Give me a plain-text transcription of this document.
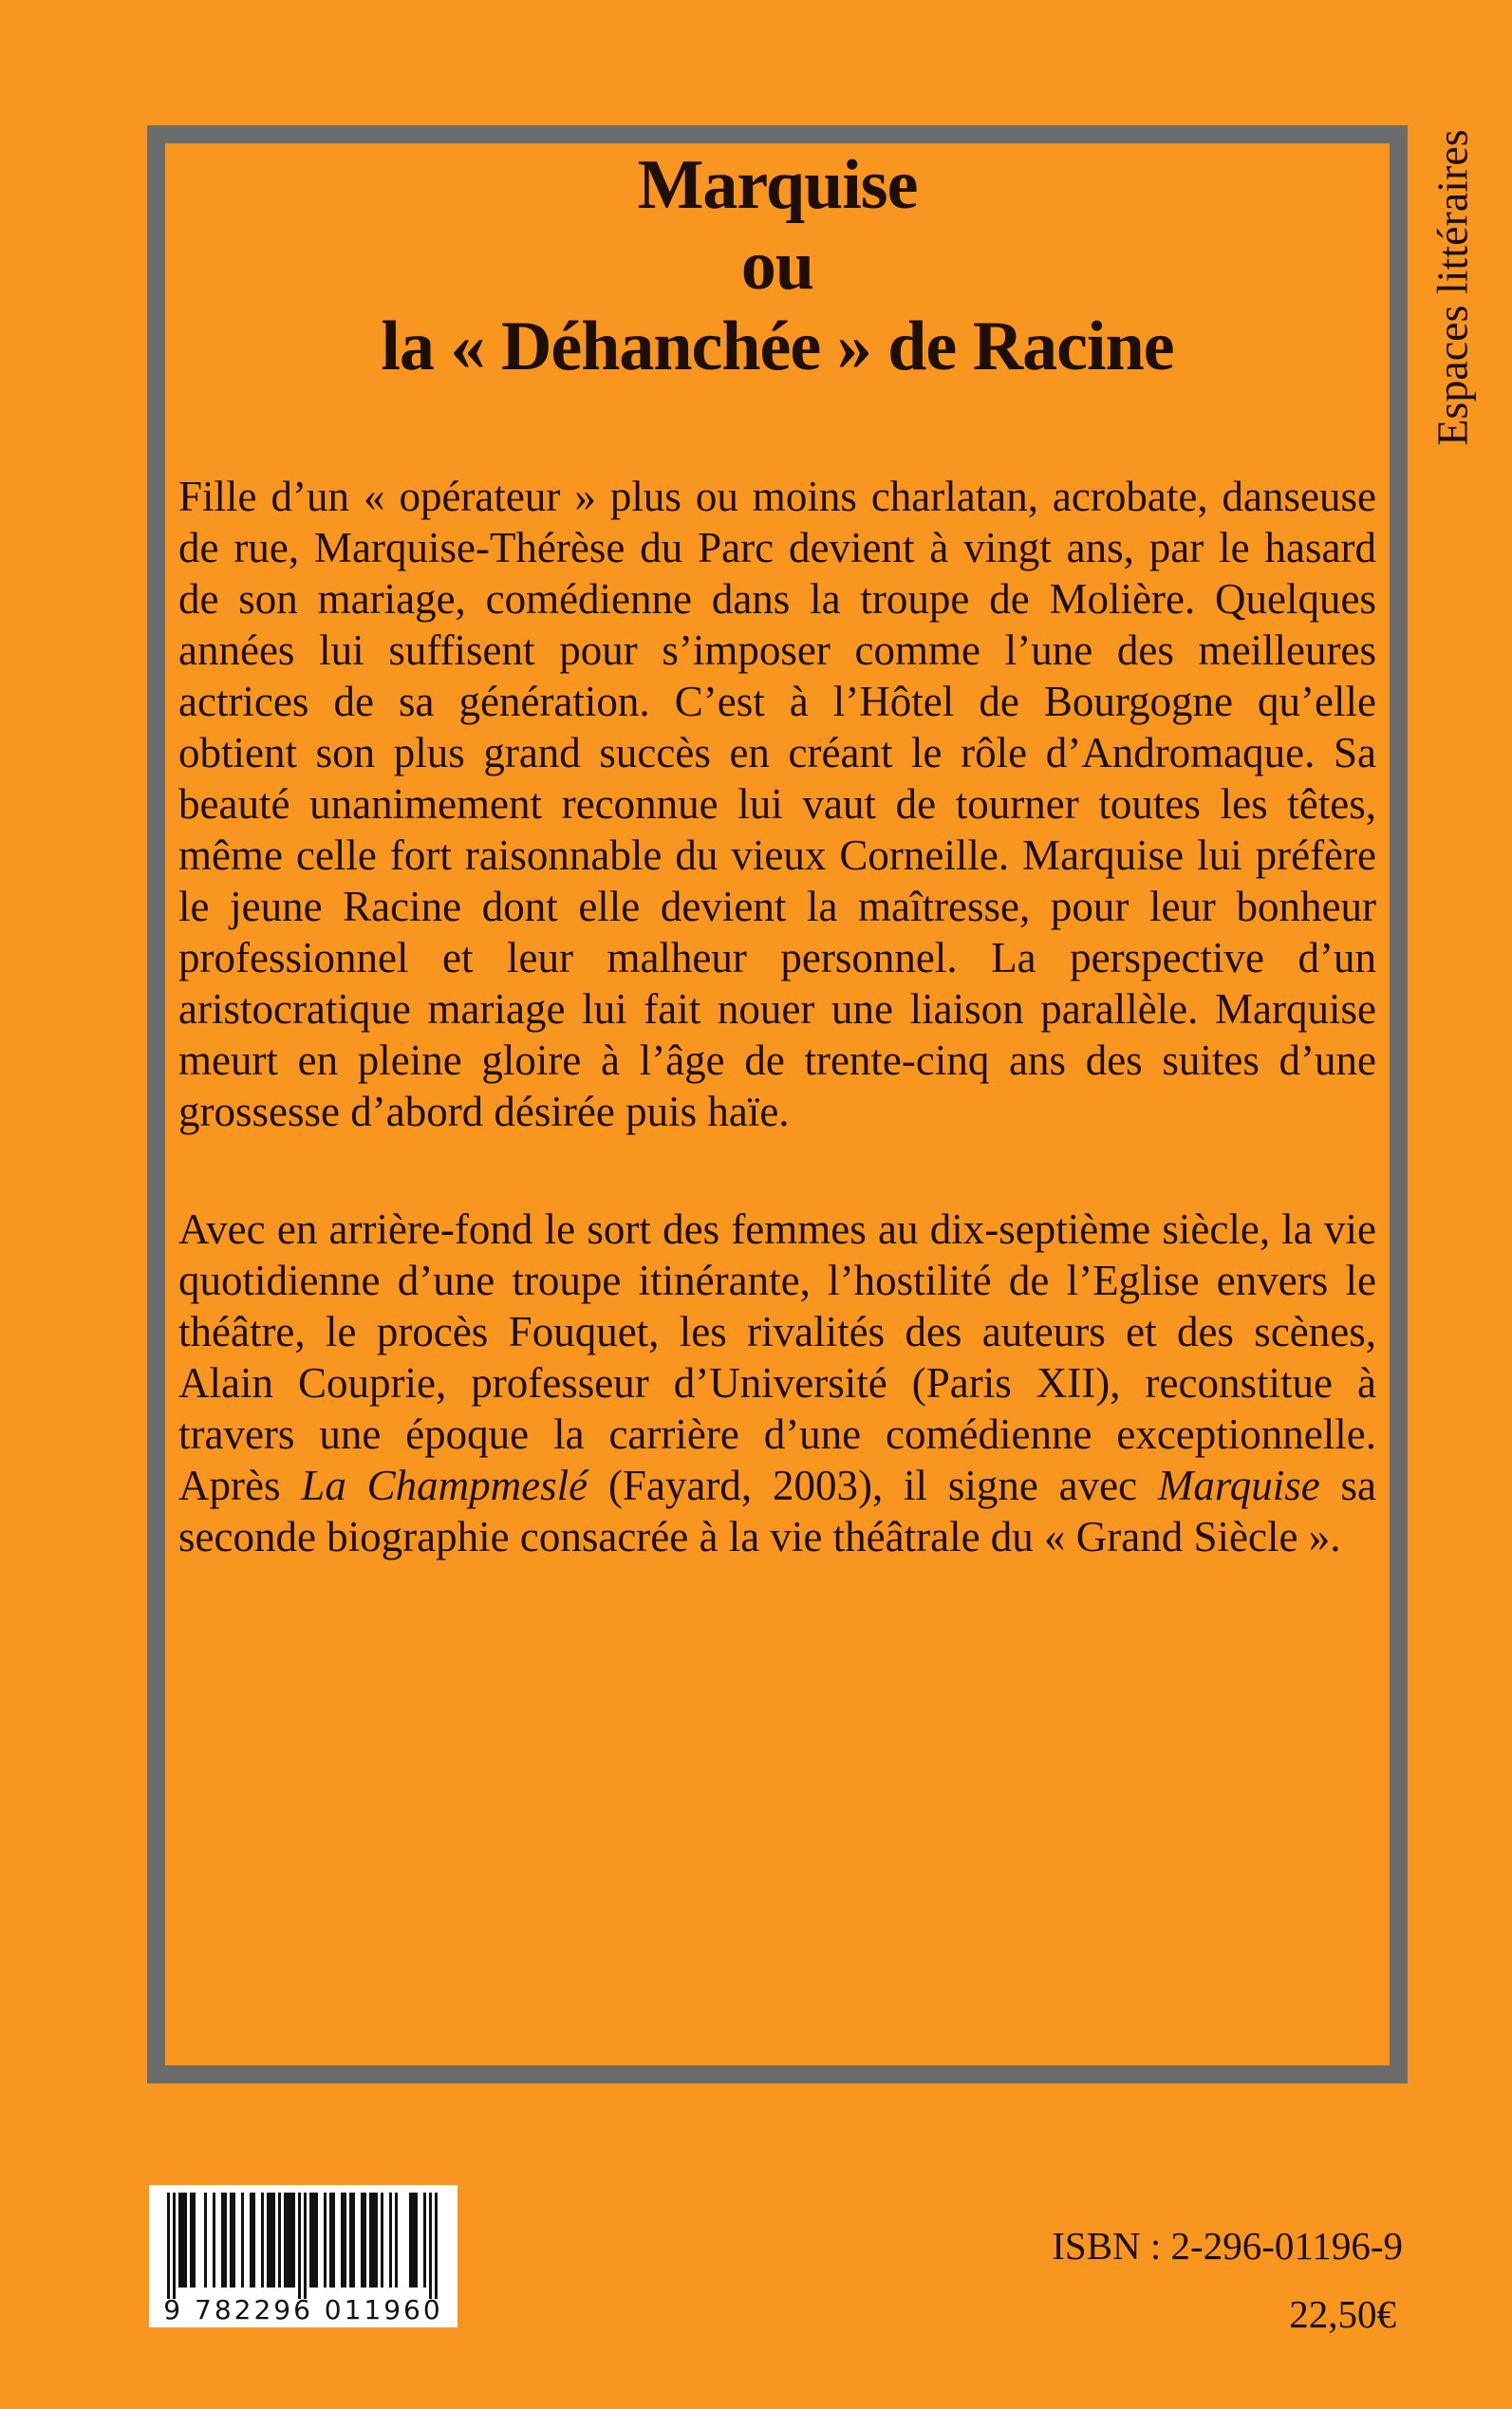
Espaces littéraires
Marquise
ou
la « Déhanchée » de Racine

Fille d’un « opérateur » plus ou moins charlatan, acrobate, danseuse de rue, Marquise-Thérèse du Parc devient à vingt ans, par le hasard de son mariage, comédienne dans la troupe de Molière. Quelques années lui suffisent pour s’imposer comme l’une des meilleures actrices de sa génération. C’est à l’Hôtel de Bourgogne qu’elle obtient son plus grand succès en créant le rôle d’Andromaque. Sa beauté unanimement reconnue lui vaut de tourner toutes les têtes, même celle fort raisonnable du vieux Corneille. Marquise lui préfère le jeune Racine dont elle devient la maîtresse, pour leur bonheur professionnel et leur malheur personnel. La perspective d’un aristocratique mariage lui fait nouer une liaison parallèle. Marquise meurt en pleine gloire à l’âge de trente-cinq ans des suites d’une grossesse d’abord désirée puis haïe.

Avec en arrière-fond le sort des femmes au dix-septième siècle, la vie quotidienne d’une troupe itinérante, l’hostilité de l’Eglise envers le théâtre, le procès Fouquet, les rivalités des auteurs et des scènes, Alain Couprie, professeur d’Université (Paris XII), reconstitue à travers une époque la carrière d’une comédienne exceptionnelle. Après La Champmeslé (Fayard, 2003), il signe avec Marquise sa seconde biographie consacrée à la vie théâtrale du « Grand Siècle ».

9 782296 011960
ISBN : 2-296-01196-9
22,50€
